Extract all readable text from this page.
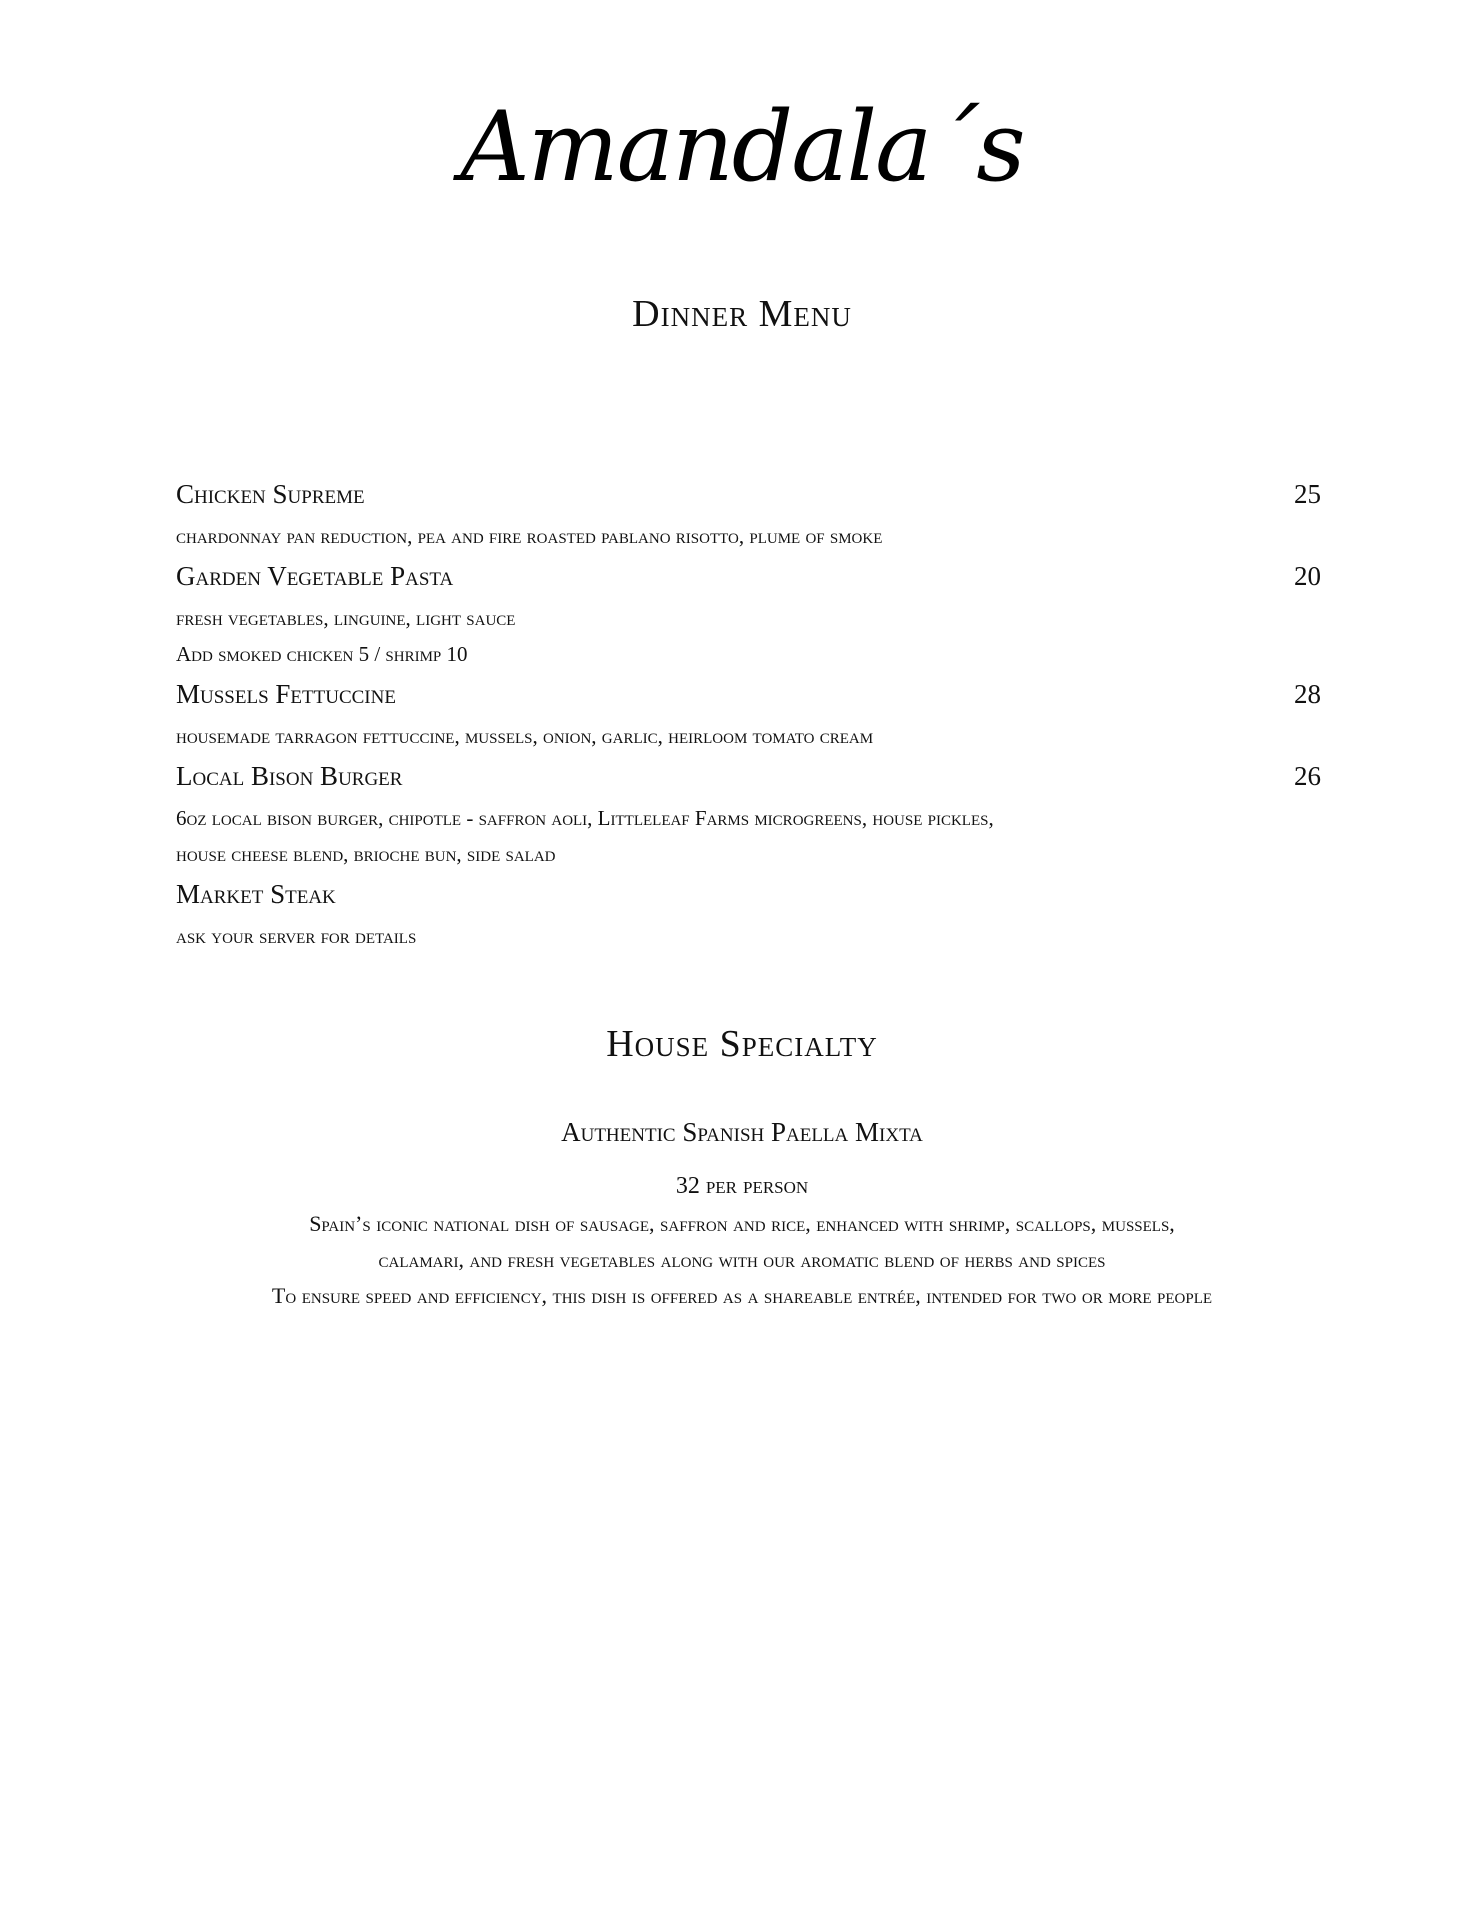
Amandala´s
Dinner Menu
Chicken Supreme	25
chardonnay pan reduction, pea and fire roasted pablano risotto, plume of smoke
Garden Vegetable Pasta	20
fresh vegetables, linguine, light sauce
Add smoked chicken 5 / shrimp 10
Mussels Fettuccine	28
housemade tarragon fettuccine, mussels, onion, garlic, heirloom tomato cream
Local Bison Burger	26
6oz local bison burger, chipotle - saffron aoli, Littleleaf Farms microgreens, house pickles,
house cheese blend, brioche bun, side salad
Market Steak
ask your server for details
House Specialty
Authentic Spanish Paella Mixta
32 per person
Spain’s iconic national dish of sausage, saffron and rice, enhanced with shrimp, scallops, mussels,
calamari, and fresh vegetables along with our aromatic blend of herbs and spices
To ensure speed and efficiency, this dish is offered as a shareable entrée, intended for two or more people
